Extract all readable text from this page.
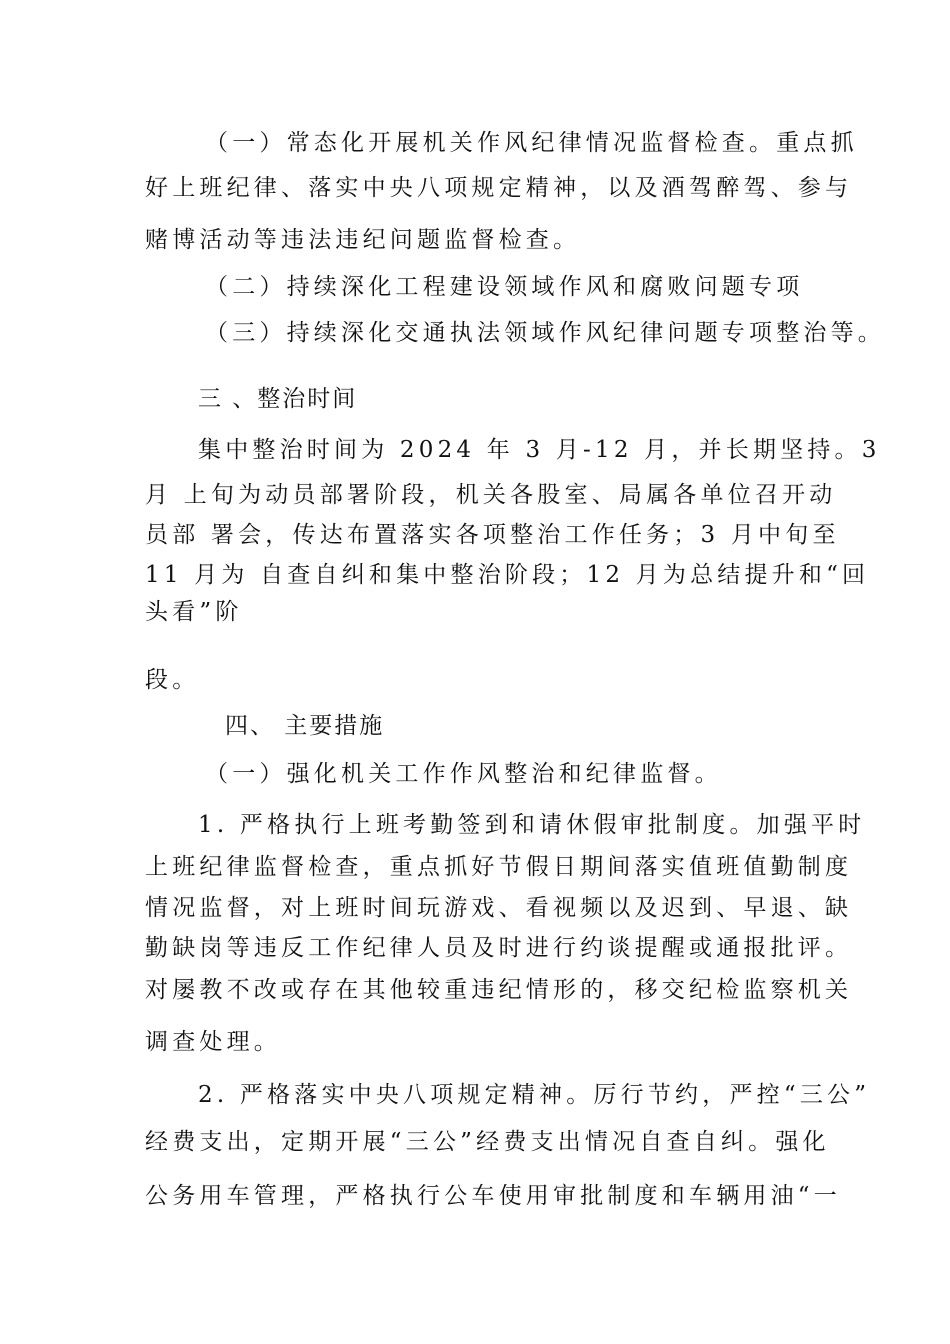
（一）常态化开展机关作风纪律情况监督检查。重点抓
好上班纪律、落实中央八项规定精神，以及酒驾醉驾、参与
赌博活动等违法违纪问题监督检查。
（二）持续深化工程建设领域作风和腐败问题专项
（三）持续深化交通执法领域作风纪律问题专项整治等。
三 、整治时间
集中整治时间为 2024 年 3 月-12 月，并长期坚持。3
月 上旬为动员部署阶段，机关各股室、局属各单位召开动
员部 署会，传达布置落实各项整治工作任务；3 月中旬至
11 月为 自查自纠和集中整治阶段；12 月为总结提升和“回
头看”阶
段。
四、 主要措施
（一）强化机关工作作风整治和纪律监督。
1. 严格执行上班考勤签到和请休假审批制度。加强平时
上班纪律监督检查，重点抓好节假日期间落实值班值勤制度
情况监督，对上班时间玩游戏、看视频以及迟到、早退、缺
勤缺岗等违反工作纪律人员及时进行约谈提醒或通报批评。
对屡教不改或存在其他较重违纪情形的，移交纪检监察机关
调查处理。
2. 严格落实中央八项规定精神。厉行节约，严控“三公”
经费支出，定期开展“三公”经费支出情况自查自纠。强化
公务用车管理，严格执行公车使用审批制度和车辆用油“一
